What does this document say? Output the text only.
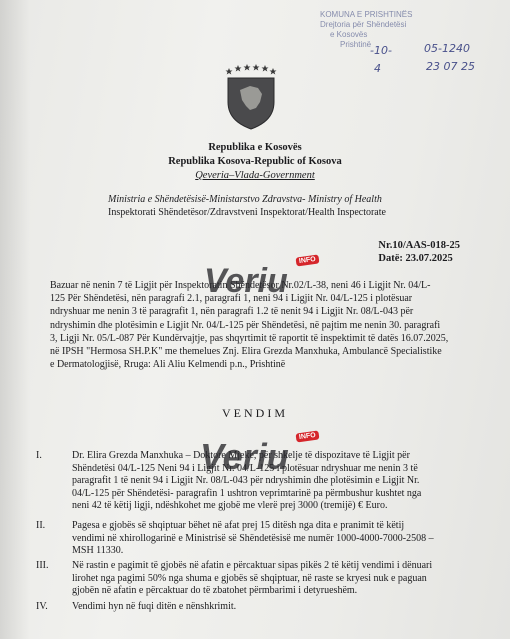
KOMUNA E PRISHTINËS
Drejtoria për Shëndetësi
e Kosovës
Prishtinë
-10-	05-1240
4	23 07 25
Republika e Kosovës
Republika Kosova-Republic of Kosova
Qeveria–Vlada-Government
Ministria e Shëndetësisë-Ministarstvo Zdravstva- Ministry of Health
Inspektorati Shëndetësor/Zdravstveni Inspektorat/Health Inspectorate
Nr.10/AAS-018-25
Datë: 23.07.2025
Bazuar në nenin 7 të Ligjit për Inspektoratin Shëndetësor Nr.02/L-38, neni 46 i Ligjit Nr. 04/L-
125 Për Shëndetësi, nën paragrafi 2.1, paragrafi 1, neni 94 i Ligjit Nr. 04/L-125 i plotësuar
ndryshuar me nenin 3 të paragrafit 1, nën paragrafi 1.2 të nenit 94 i Ligjit Nr. 08/L-043 për
ndryshimin dhe plotësimin e Ligjit Nr. 04/L-125 për Shëndetësi, në pajtim me nenin 30. paragrafi
3, Ligji Nr. 05/L-087 Për Kundërvajtje, pas shqyrtimit të raportit të inspektimit të datës 16.07.2025,
në IPSH "Hermosa SH.P.K" me themelues Znj. Elira Grezda Manxhuka, Ambulancë Specialistike
e Dermatologjisë, Rruga: Ali Aliu Kelmendi p.n., Prishtinë
VENDIM
I.	Dr. Elira Grezda Manxhuka – Doktore Mjeke, për shkelje të dispozitave të Ligjit për
Shëndetësi 04/L-125 Neni 94 i Ligjit Nr. 04/L-125 i plotësuar ndryshuar me nenin 3 të
paragrafit 1 të nenit 94 i Ligjit Nr. 08/L-043 për ndryshimin dhe plotësimin e Ligjit Nr.
04/L-125 për Shëndetësi- paragrafin 1 ushtron veprimtarinë pa përmbushur kushtet nga
neni 42 të këtij ligji, ndëshkohet me gjobë me vlerë prej 3000 (tremijë) € Euro.
II.	Pagesa e gjobës së shqiptuar bëhet në afat prej 15 ditësh nga dita e pranimit të këtij
vendimi në xhirollogarinë e Ministrisë së Shëndetësisë me numër 1000-4000-7000-2508 –
MSH 11330.
III.	Në rastin e pagimit të gjobës në afatin e përcaktuar sipas pikës 2 të këtij vendimi i dënuari
lirohet nga pagimi 50% nga shuma e gjobës së shqiptuar, në raste se kryesi nuk e paguan
gjobën në afatin e përcaktuar do të zbatohet përmbarimi i detyrueshëm.
IV.	Vendimi hyn në fuqi ditën e nënshkrimit.
Veriu
INFO
Veriu	INFO
